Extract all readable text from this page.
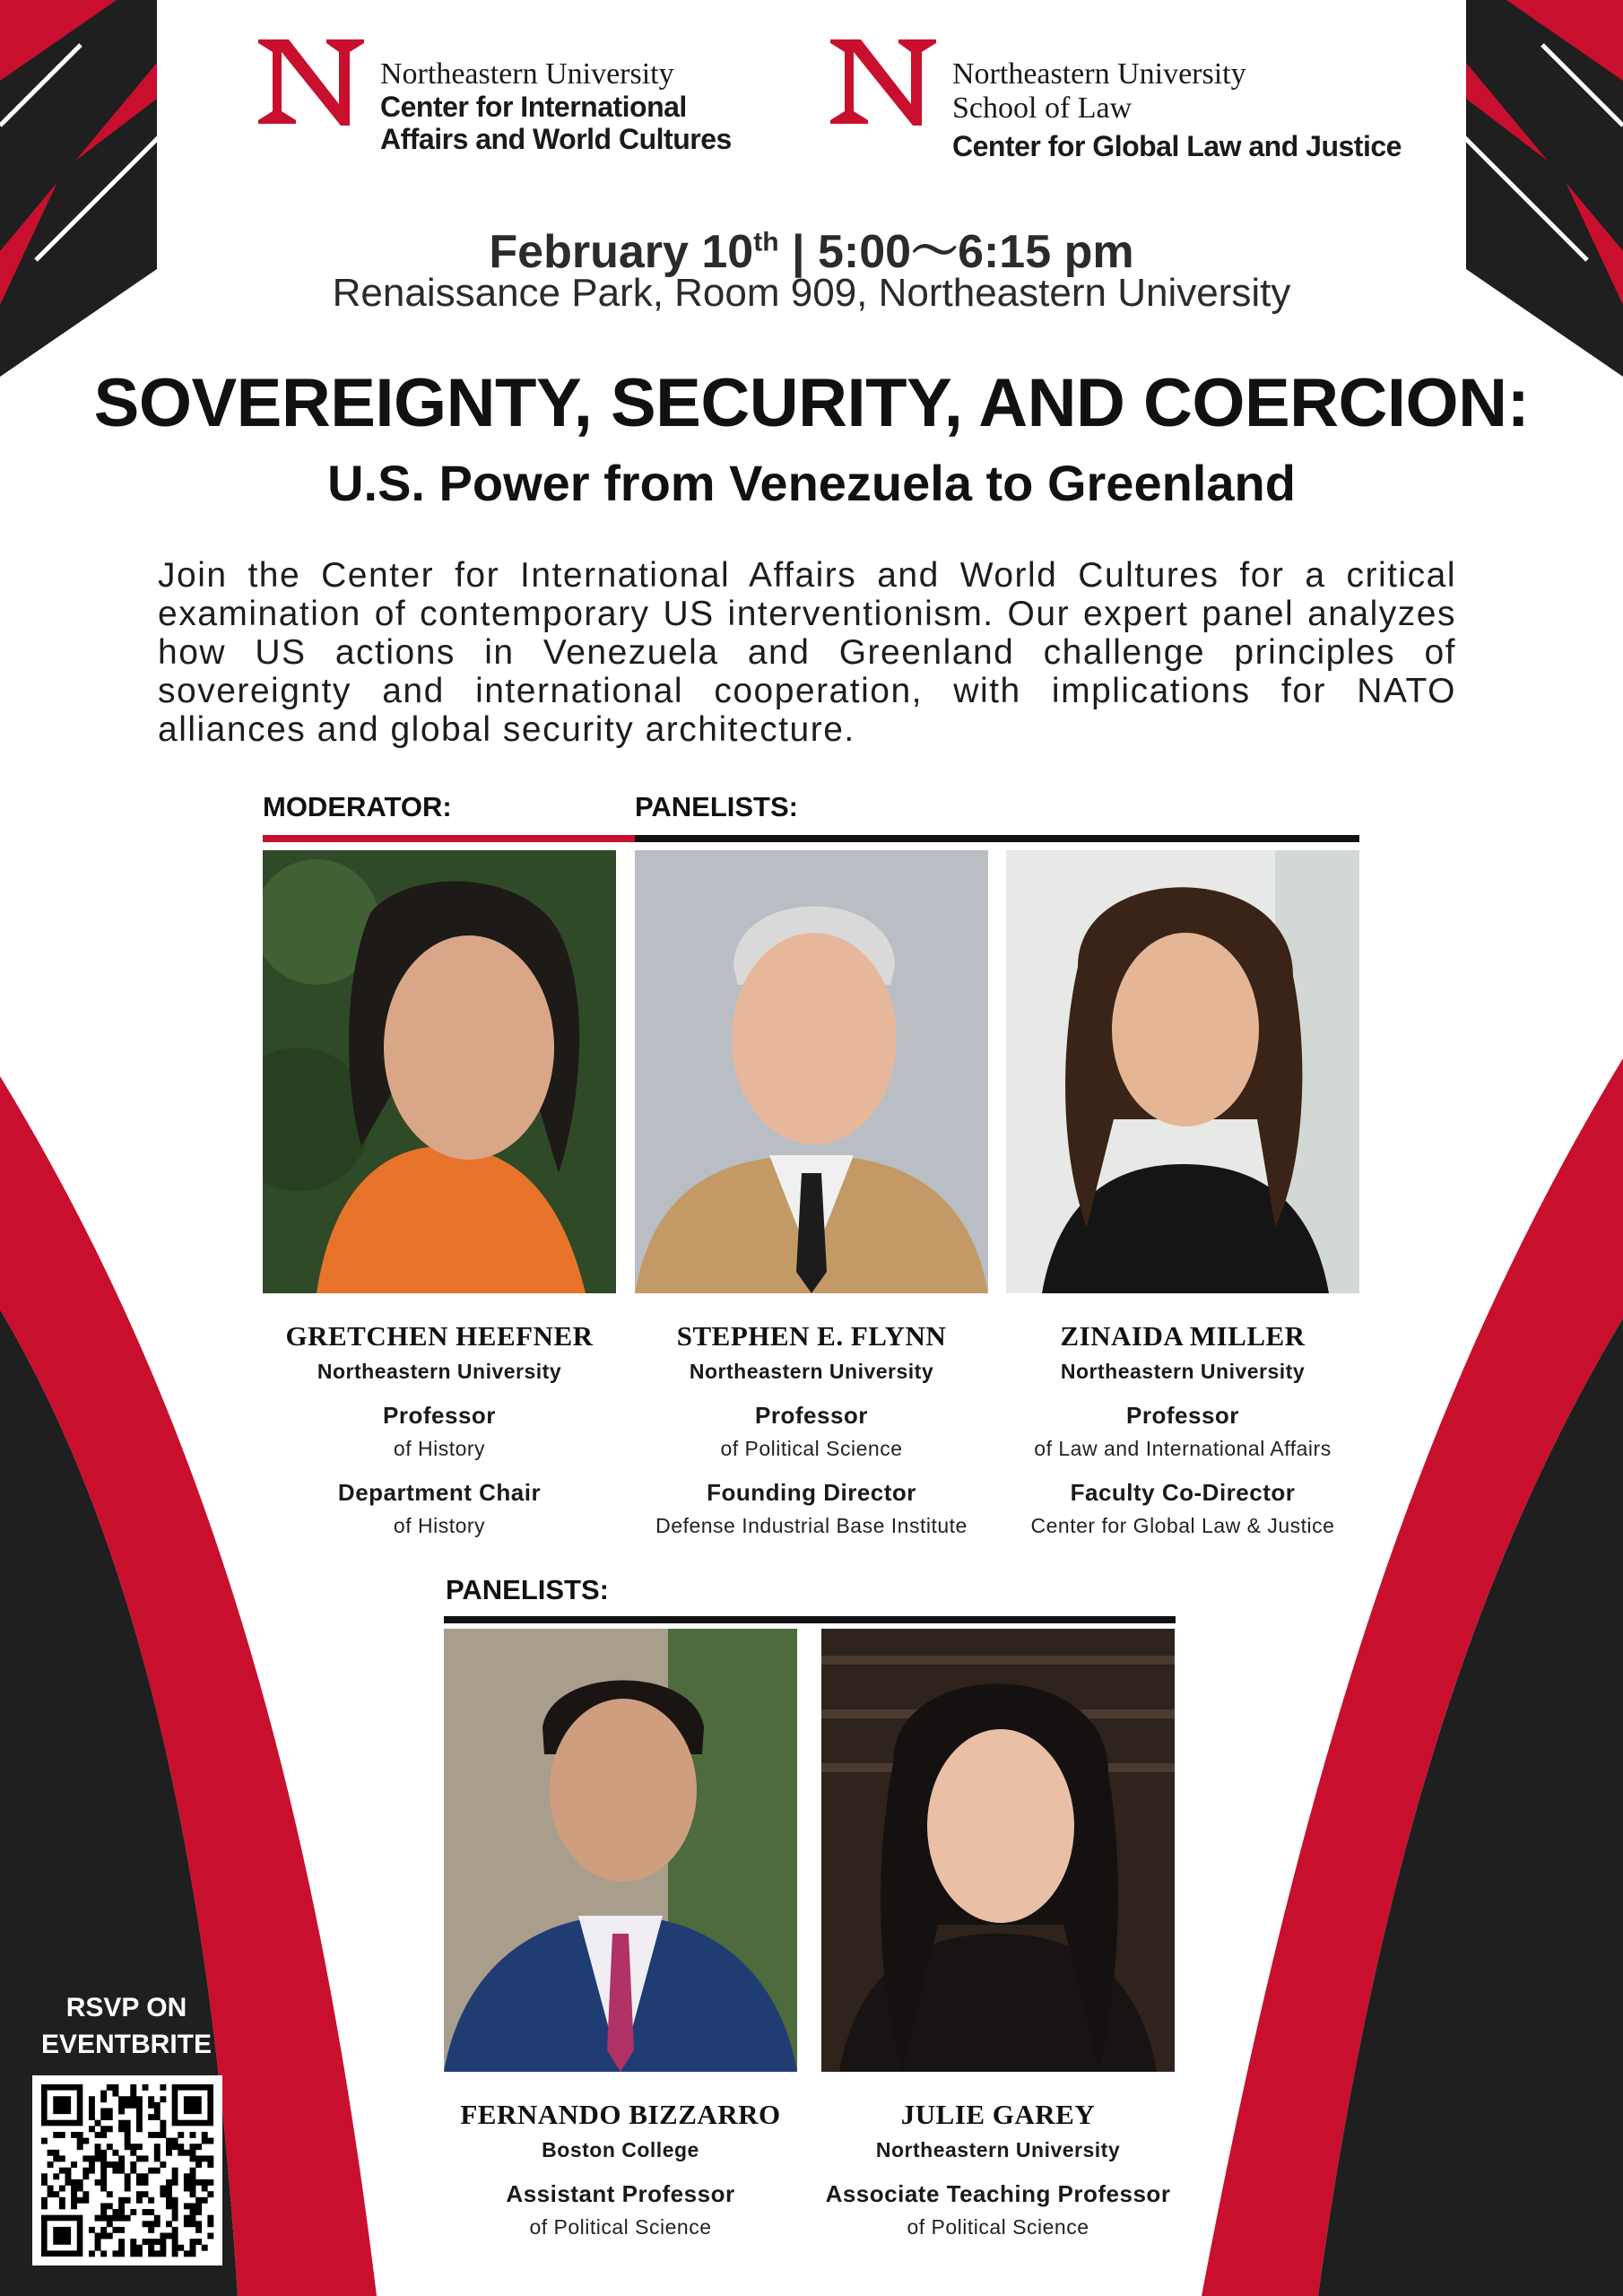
Northeastern University
Center for International
Affairs and World Cultures
Northeastern University
School of Law
Center for Global Law and Justice
February 10th | 5:00〜6:15 pm
Renaissance Park, Room 909, Northeastern University
SOVEREIGNTY, SECURITY, AND COERCION:
U.S. Power from Venezuela to Greenland
Join the Center for International Affairs and World Cultures for a critical examination of contemporary US interventionism. Our expert panel analyzes how US actions in Venezuela and Greenland challenge principles of sovereignty and international cooperation, with implications for NATO alliances and global security architecture.
MODERATOR:	PANELISTS:
GRETCHEN HEEFNER
Northeastern University
Professor
of History
Department Chair
of History
STEPHEN E. FLYNN
Northeastern University
Professor
of Political Science
Founding Director
Defense Industrial Base Institute
ZINAIDA MILLER
Northeastern University
Professor
of Law and International Affairs
Faculty Co-Director
Center for Global Law & Justice
PANELISTS:
FERNANDO BIZZARRO
Boston College
Assistant Professor
of Political Science
JULIE GAREY
Northeastern University
Associate Teaching Professor
of Political Science
RSVP ON
EVENTBRITE
